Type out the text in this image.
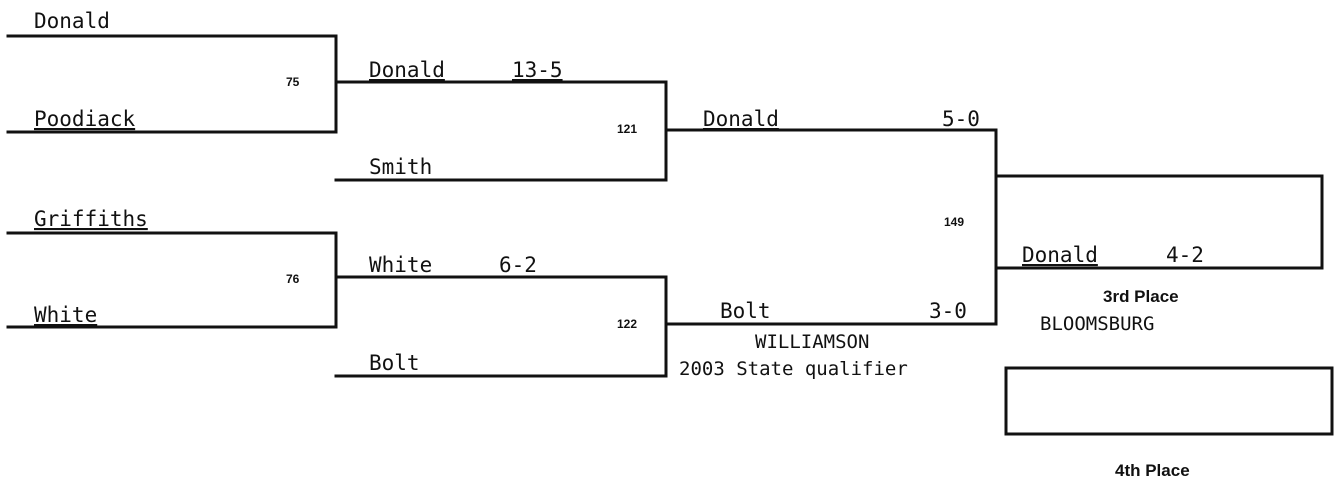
Donald
Poodiack
Griffiths
White
75
76
121
122
149
Donald	13-5
Smith
White	6-2
Bolt
Donald	5-0
Bolt	3-0
WILLIAMSON
2003 State qualifier
Donald	4-2
3rd Place
BLOOMSBURG
4th Place
